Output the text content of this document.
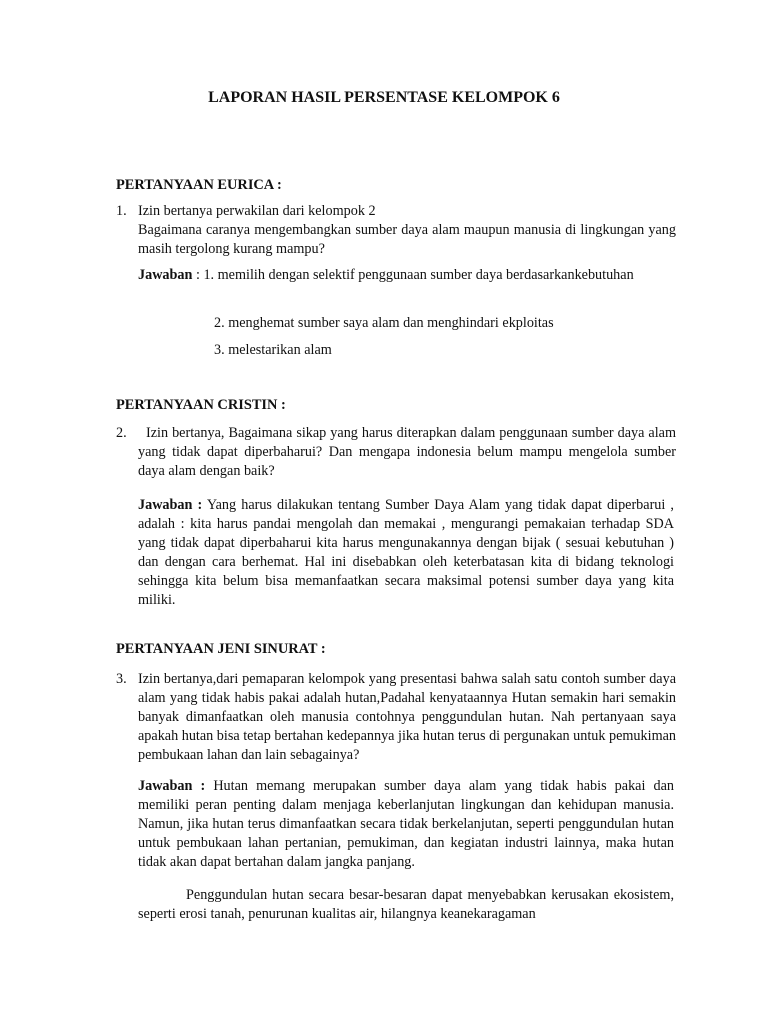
LAPORAN HASIL PERSENTASE KELOMPOK 6
PERTANYAAN EURICA :
1. Izin bertanya perwakilan dari kelompok 2
Bagaimana caranya mengembangkan sumber daya alam maupun manusia di lingkungan yang masih tergolong kurang mampu?
Jawaban : 1. memilih dengan selektif penggunaan sumber daya berdasarkankebutuhan
2. menghemat sumber saya alam dan menghindari ekploitas
3. melestarikan alam
PERTANYAAN CRISTIN :
2.	Izin bertanya, Bagaimana sikap yang harus diterapkan dalam penggunaan sumber daya alam yang tidak dapat diperbaharui? Dan mengapa indonesia belum mampu mengelola sumber daya alam dengan baik?
Jawaban : Yang harus dilakukan tentang Sumber Daya Alam yang tidak dapat diperbarui , adalah : kita harus pandai mengolah dan memakai , mengurangi pemakaian terhadap SDA yang tidak dapat diperbaharui kita harus mengunakannya dengan bijak ( sesuai kebutuhan ) dan dengan cara berhemat. Hal ini disebabkan oleh keterbatasan kita di bidang teknologi sehingga kita belum bisa memanfaatkan secara maksimal potensi sumber daya yang kita miliki.
PERTANYAAN JENI SINURAT :
3. Izin bertanya,dari pemaparan kelompok yang presentasi bahwa salah satu contoh sumber daya alam yang tidak habis pakai adalah hutan,Padahal kenyataannya Hutan semakin hari semakin banyak dimanfaatkan oleh manusia contohnya penggundulan hutan. Nah pertanyaan saya apakah hutan bisa tetap bertahan kedepannya jika hutan terus di pergunakan untuk pemukiman pembukaan lahan dan lain sebagainya?
Jawaban : Hutan memang merupakan sumber daya alam yang tidak habis pakai dan memiliki peran penting dalam menjaga keberlanjutan lingkungan dan kehidupan manusia. Namun, jika hutan terus dimanfaatkan secara tidak berkelanjutan, seperti penggundulan hutan untuk pembukaan lahan pertanian, pemukiman, dan kegiatan industri lainnya, maka hutan tidak akan dapat bertahan dalam jangka panjang.
Penggundulan hutan secara besar-besaran dapat menyebabkan kerusakan ekosistem, seperti erosi tanah, penurunan kualitas air, hilangnya keanekaragaman
